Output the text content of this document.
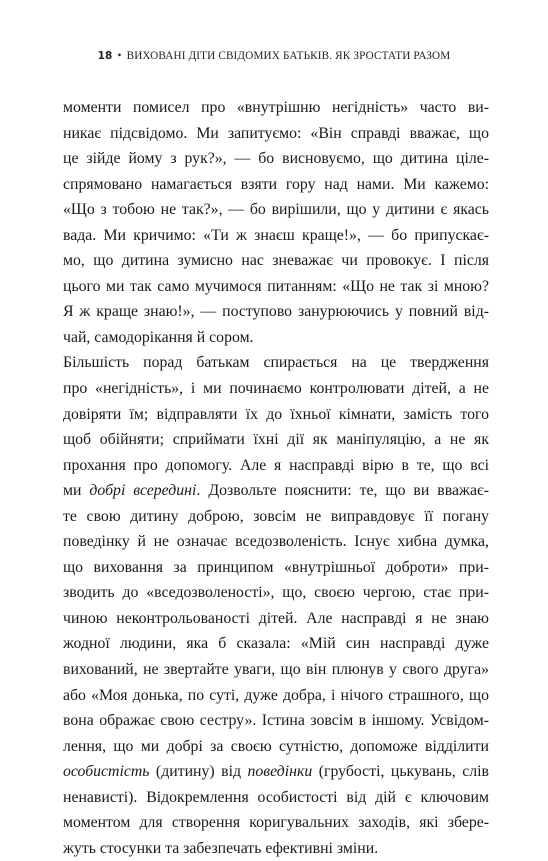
18 • ВИХОВАНІ ДІТИ СВІДОМИХ БАТЬКІВ. ЯК ЗРОСТАТИ РАЗОМ
моменти помисел про «внутрішню негідність» часто ви-
никає підсвідомо. Ми запитуємо: «Він справді вважає, що
це зійде йому з рук?», — бо висновуємо, що дитина ціле-
спрямовано намагається взяти гору над нами. Ми кажемо:
«Що з тобою не так?», — бо вирішили, що у дитини є якась
вада. Ми кричимо: «Ти ж знаєш краще!», — бо припускає-
мо, що дитина зумисно нас зневажає чи провокує. І після
цього ми так само мучимося питанням: «Що не так зі мною?
Я ж краще знаю!», — поступово занурюючись у повний від-
чай, самодорікання й сором.
Більшість порад батькам спирається на це твердження
про «негідність», і ми починаємо контролювати дітей, а не
довіряти їм; відправляти їх до їхньої кімнати, замість того
щоб обійняти; сприймати їхні дії як маніпуляцію, а не як
прохання про допомогу. Але я насправді вірю в те, що всі
ми добрі всередині. Дозвольте пояснити: те, що ви вважає-
те свою дитину доброю, зовсім не виправдовує її погану
поведінку й не означає вседозволеність. Існує хибна думка,
що виховання за принципом «внутрішньої доброти» при-
зводить до «вседозволеності», що, своєю чергою, стає при-
чиною неконтрольованості дітей. Але насправді я не знаю
жодної людини, яка б сказала: «Мій син насправді дуже
вихований, не звертайте уваги, що він плюнув у свого друга»
або «Моя донька, по суті, дуже добра, і нічого страшного, що
вона ображає свою сестру». Істина зовсім в іншому. Усвідом-
лення, що ми добрі за своєю сутністю, допоможе відділити
особистість (дитину) від поведінки (грубості, цькувань, слів
ненависті). Відокремлення особистості від дій є ключовим
моментом для створення коригувальних заходів, які збере-
жуть стосунки та забезпечать ефективні зміни.
